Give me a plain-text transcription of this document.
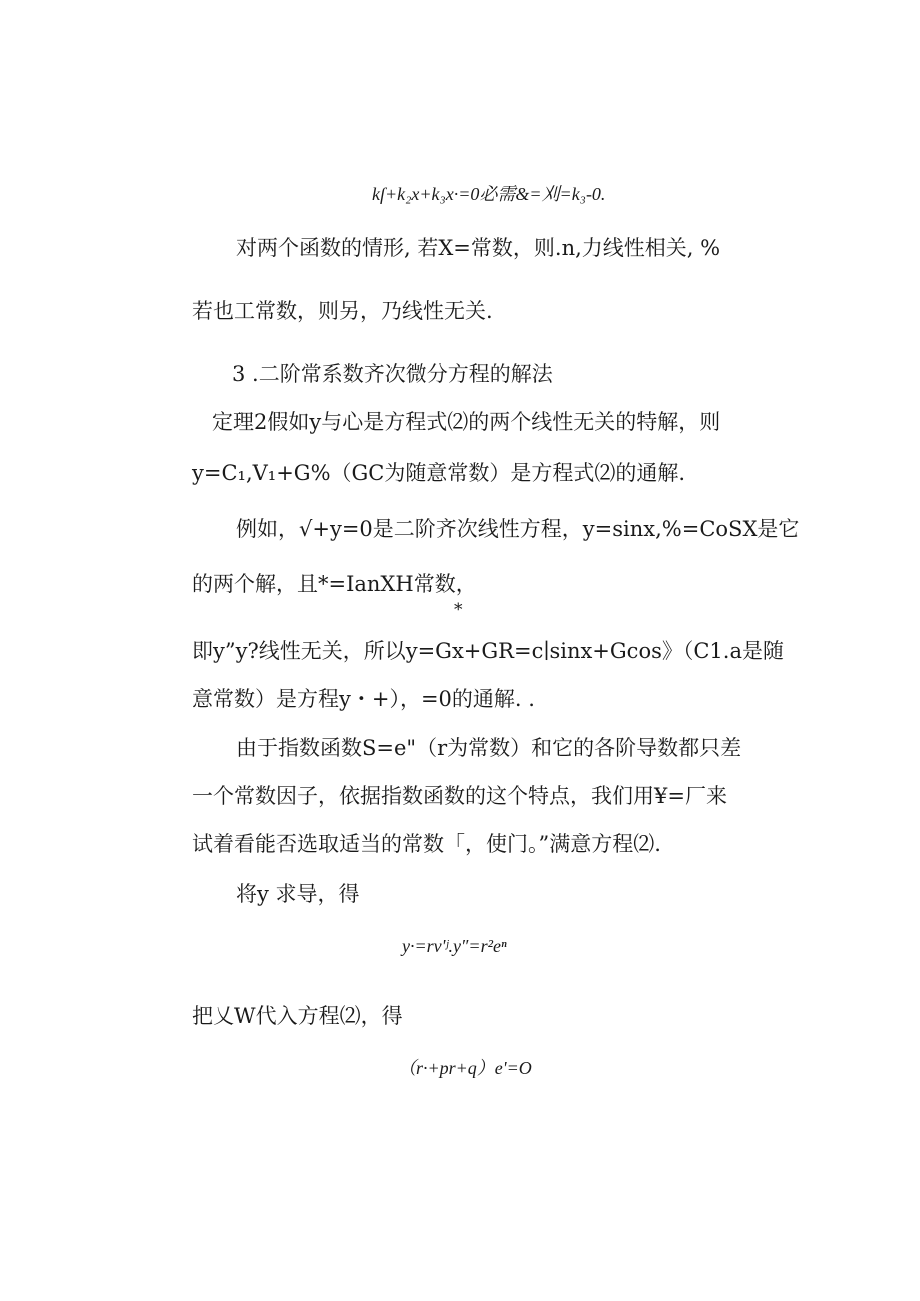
kſ+k₂x+k₃x·=0必需&=刈=k₃-0.
对两个函数的情形, 若X=常数，则.n,力线性相关, %
若也工常数，则另，乃线性无关.
3 .二阶常系数齐次微分方程的解法
定理2假如y与心是方程式⑵的两个线性无关的特解，则
y=C₁,V₁+G%（GC为随意常数）是方程式⑵的通解.
例如，√+y=0是二阶齐次线性方程，y=sinx,%=CoSX是它
的两个解，且*=IanXH常数，
*
即y”y?线性无关，所以y=Gx+GR=c∣sinx+Gcos》（C1.a是随
意常数）是方程y・+），=0的通解. .
由于指数函数S=e"（r为常数）和它的各阶导数都只差
一个常数因子，依据指数函数的这个特点，我们用¥=厂来
试着看能否选取适当的常数「，使门。”满意方程⑵.
将y 求导，得
y·=rv'ʲ.y″=r²eⁿ
把乂W代入方程⑵，得
（r·+pr+q）e'=O
